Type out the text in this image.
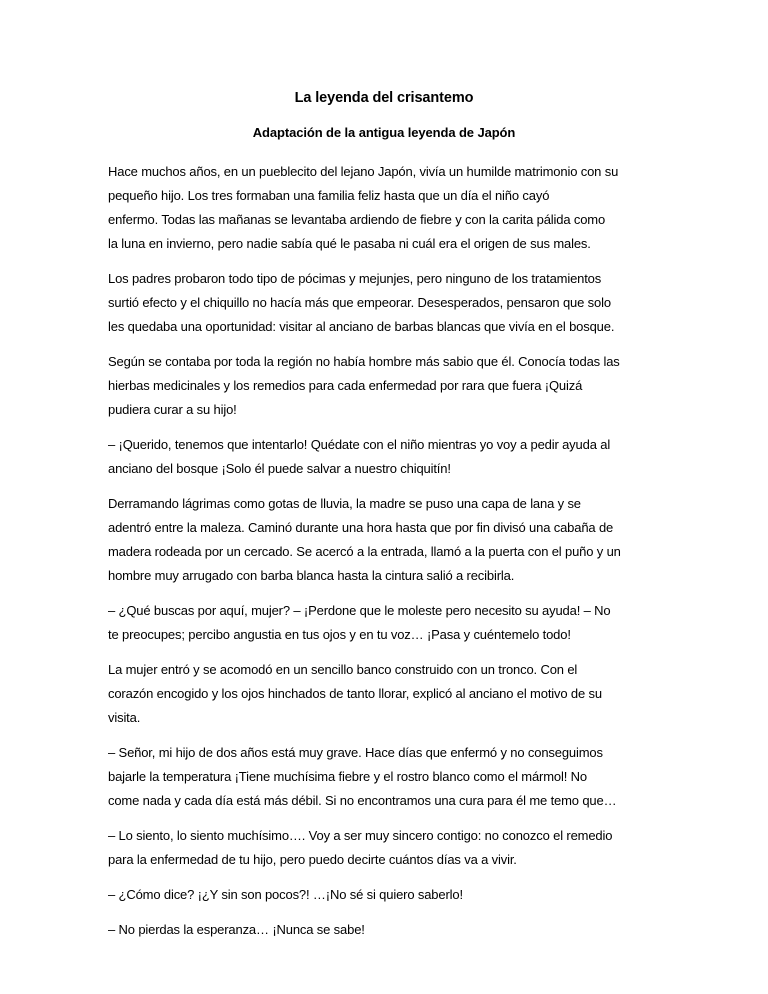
La leyenda del crisantemo
Adaptación de la antigua leyenda de Japón

Hace muchos años, en un pueblecito del lejano Japón, vivía un humilde matrimonio con su
pequeño hijo. Los tres formaban una familia feliz hasta que un día el niño cayó
enfermo. Todas las mañanas se levantaba ardiendo de fiebre y con la carita pálida como
la luna en invierno, pero nadie sabía qué le pasaba ni cuál era el origen de sus males.

Los padres probaron todo tipo de pócimas y mejunjes, pero ninguno de los tratamientos
surtió efecto y el chiquillo no hacía más que empeorar. Desesperados, pensaron que solo
les quedaba una oportunidad: visitar al anciano de barbas blancas que vivía en el bosque.

Según se contaba por toda la región no había hombre más sabio que él. Conocía todas las
hierbas medicinales y los remedios para cada enfermedad por rara que fuera ¡Quizá
pudiera curar a su hijo!

– ¡Querido, tenemos que intentarlo! Quédate con el niño mientras yo voy a pedir ayuda al
anciano del bosque ¡Solo él puede salvar a nuestro chiquitín!

Derramando lágrimas como gotas de lluvia, la madre se puso una capa de lana y se
adentró entre la maleza. Caminó durante una hora hasta que por fin divisó una cabaña de
madera rodeada por un cercado. Se acercó a la entrada, llamó a la puerta con el puño y un
hombre muy arrugado con barba blanca hasta la cintura salió a recibirla.

– ¿Qué buscas por aquí, mujer? – ¡Perdone que le moleste pero necesito su ayuda! – No
te preocupes; percibo angustia en tus ojos y en tu voz… ¡Pasa y cuéntemelo todo!

La mujer entró y se acomodó en un sencillo banco construido con un tronco. Con el
corazón encogido y los ojos hinchados de tanto llorar, explicó al anciano el motivo de su
visita.

– Señor, mi hijo de dos años está muy grave. Hace días que enfermó y no conseguimos
bajarle la temperatura ¡Tiene muchísima fiebre y el rostro blanco como el mármol! No
come nada y cada día está más débil. Si no encontramos una cura para él me temo que…

– Lo siento, lo siento muchísimo…. Voy a ser muy sincero contigo: no conozco el remedio
para la enfermedad de tu hijo, pero puedo decirte cuántos días va a vivir.

– ¿Cómo dice? ¡¿Y sin son pocos?! …¡No sé si quiero saberlo!

– No pierdas la esperanza… ¡Nunca se sabe!
